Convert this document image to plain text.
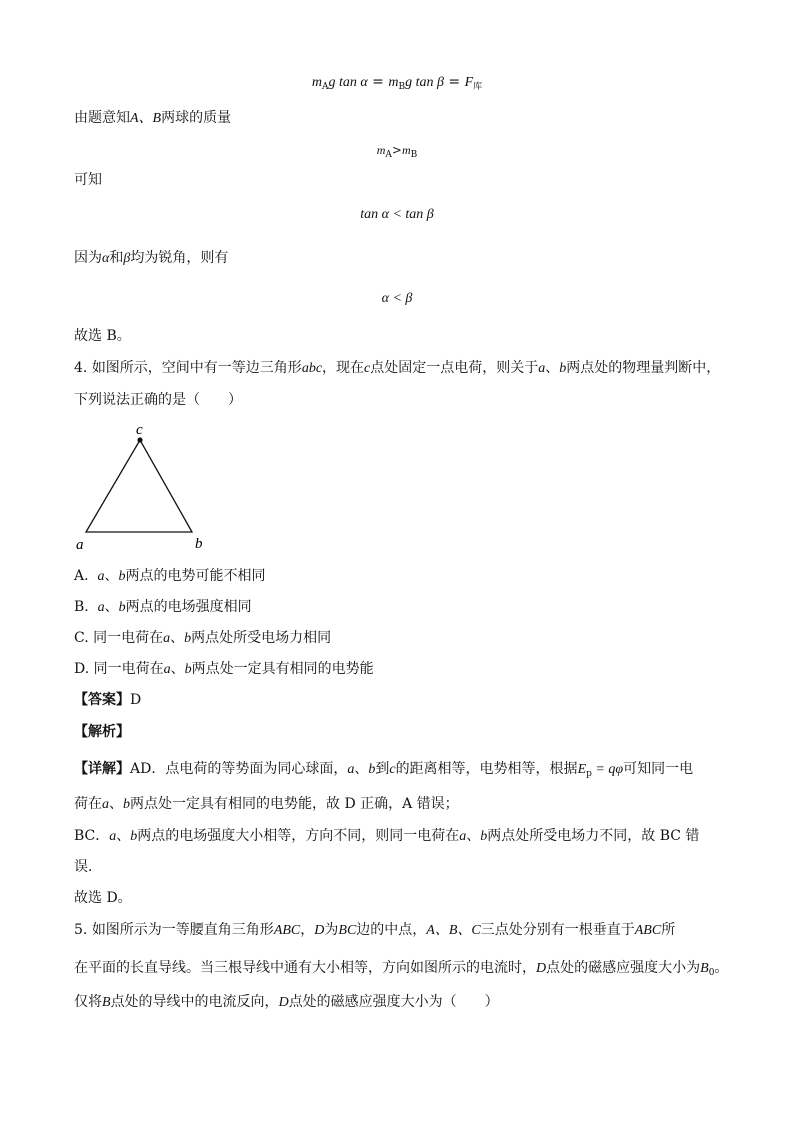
$m_Ag$ $\tan \alpha = m_Bg$ $\tan \beta = F_库$
由题意知A、B两球的质量
$m_A>m_B$
可知
tan α < tan β
因为α和β均为锐角，则有
α < β
故选 B。
4. 如图所示，空间中有一等边三角形abc，现在c点处固定一点电荷，则关于a、b两点处的物理量判断中，
下列说法正确的是（　　）
c
a	b
A. a、b两点的电势可能不相同
B. a、b两点的电场强度相同
C. 同一电荷在a、b两点处所受电场力相同
D. 同一电荷在a、b两点处一定具有相同的电势能
【答案】D
【解析】
【详解】AD．点电荷的等势面为同心球面，a、b到c的距离相等，电势相等，根据$E_p = q\varphi$可知同一电
荷在a、b两点处一定具有相同的电势能，故 D 正确，A 错误；
BC．a、b两点的电场强度大小相等，方向不同，则同一电荷在a、b两点处所受电场力不同，故 BC 错
误．
故选 D。
5. 如图所示为一等腰直角三角形ABC，D为BC边的中点，A、B、C三点处分别有一根垂直于ABC所
在平面的长直导线。当三根导线中通有大小相等，方向如图所示的电流时，D点处的磁感应强度大小为$B_0$。
仅将B点处的导线中的电流反向，D点处的磁感应强度大小为（　　）
